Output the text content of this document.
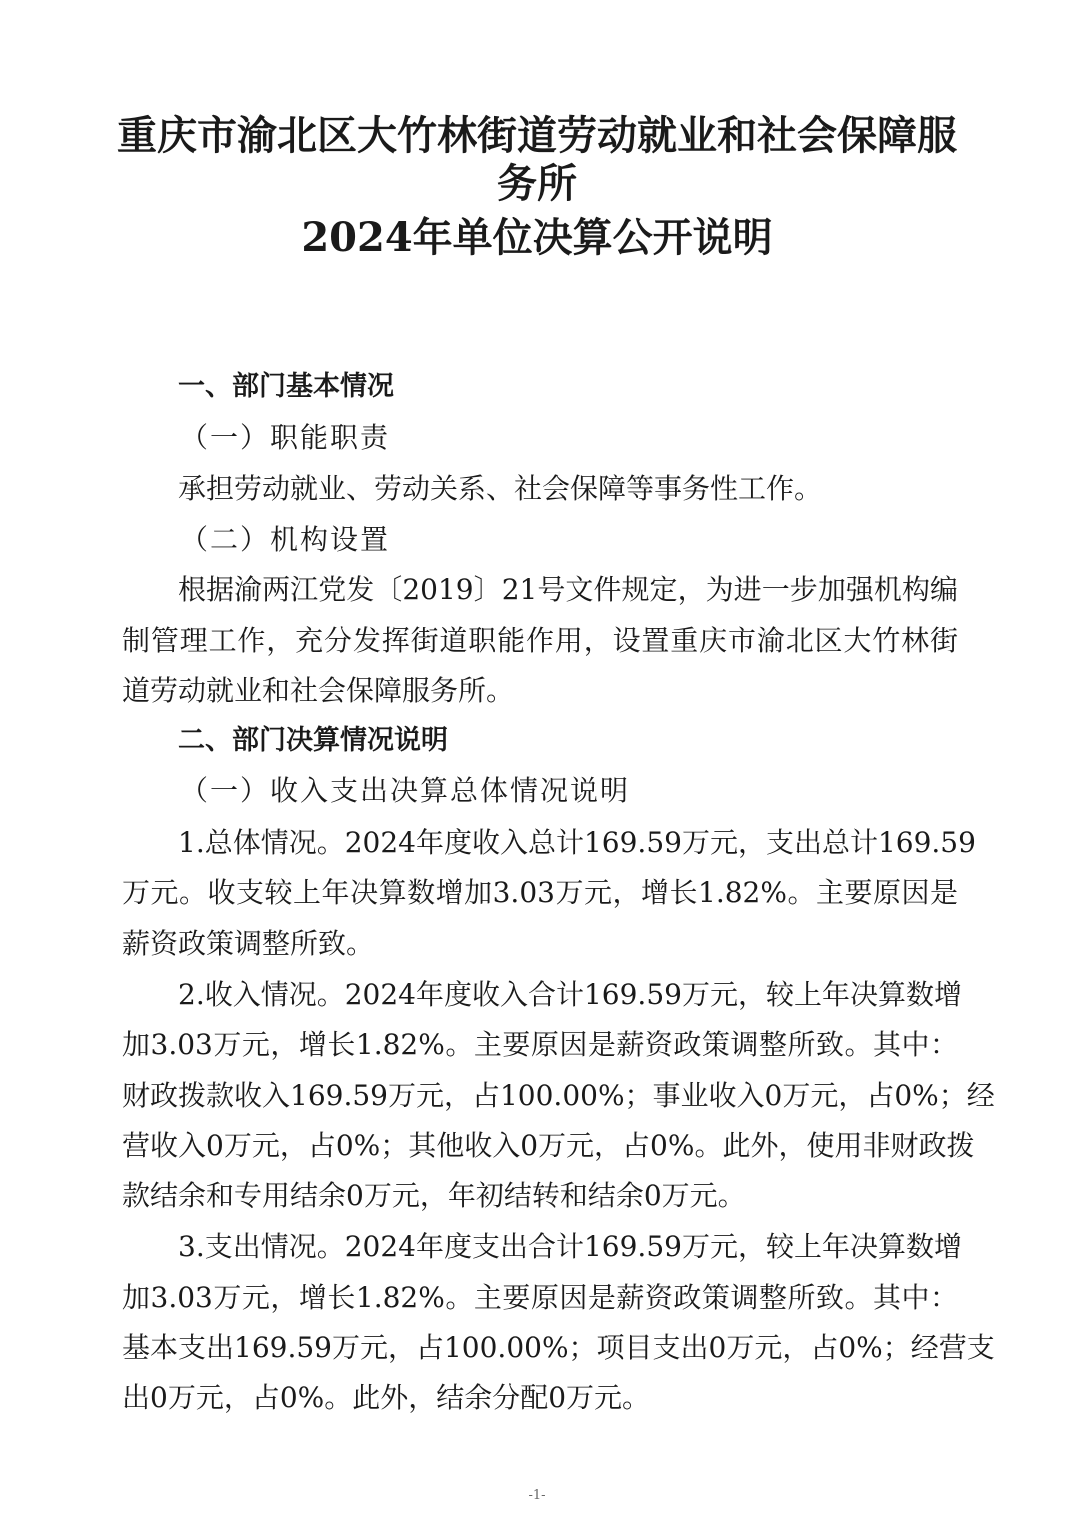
重庆市渝北区大竹林街道劳动就业和社会保障服
务所
2024年单位决算公开说明
一、部门基本情况
（一）职能职责
承担劳动就业、劳动关系、社会保障等事务性工作。
（二）机构设置
根据渝两江党发〔2019〕21号文件规定，为进一步加强机构编
制管理工作，充分发挥街道职能作用，设置重庆市渝北区大竹林街
道劳动就业和社会保障服务所。
二、部门决算情况说明
（一）收入支出决算总体情况说明
1.总体情况。2024年度收入总计169.59万元，支出总计169.59
万元。收支较上年决算数增加3.03万元，增长1.82%。主要原因是
薪资政策调整所致。
2.收入情况。2024年度收入合计169.59万元，较上年决算数增
加3.03万元，增长1.82%。主要原因是薪资政策调整所致。其中：
财政拨款收入169.59万元，占100.00%；事业收入0万元，占0%；经
营收入0万元，占0%；其他收入0万元，占0%。此外，使用非财政拨
款结余和专用结余0万元，年初结转和结余0万元。
3.支出情况。2024年度支出合计169.59万元，较上年决算数增
加3.03万元，增长1.82%。主要原因是薪资政策调整所致。其中：
基本支出169.59万元，占100.00%；项目支出0万元，占0%；经营支
出0万元，占0%。此外，结余分配0万元。
-1-
